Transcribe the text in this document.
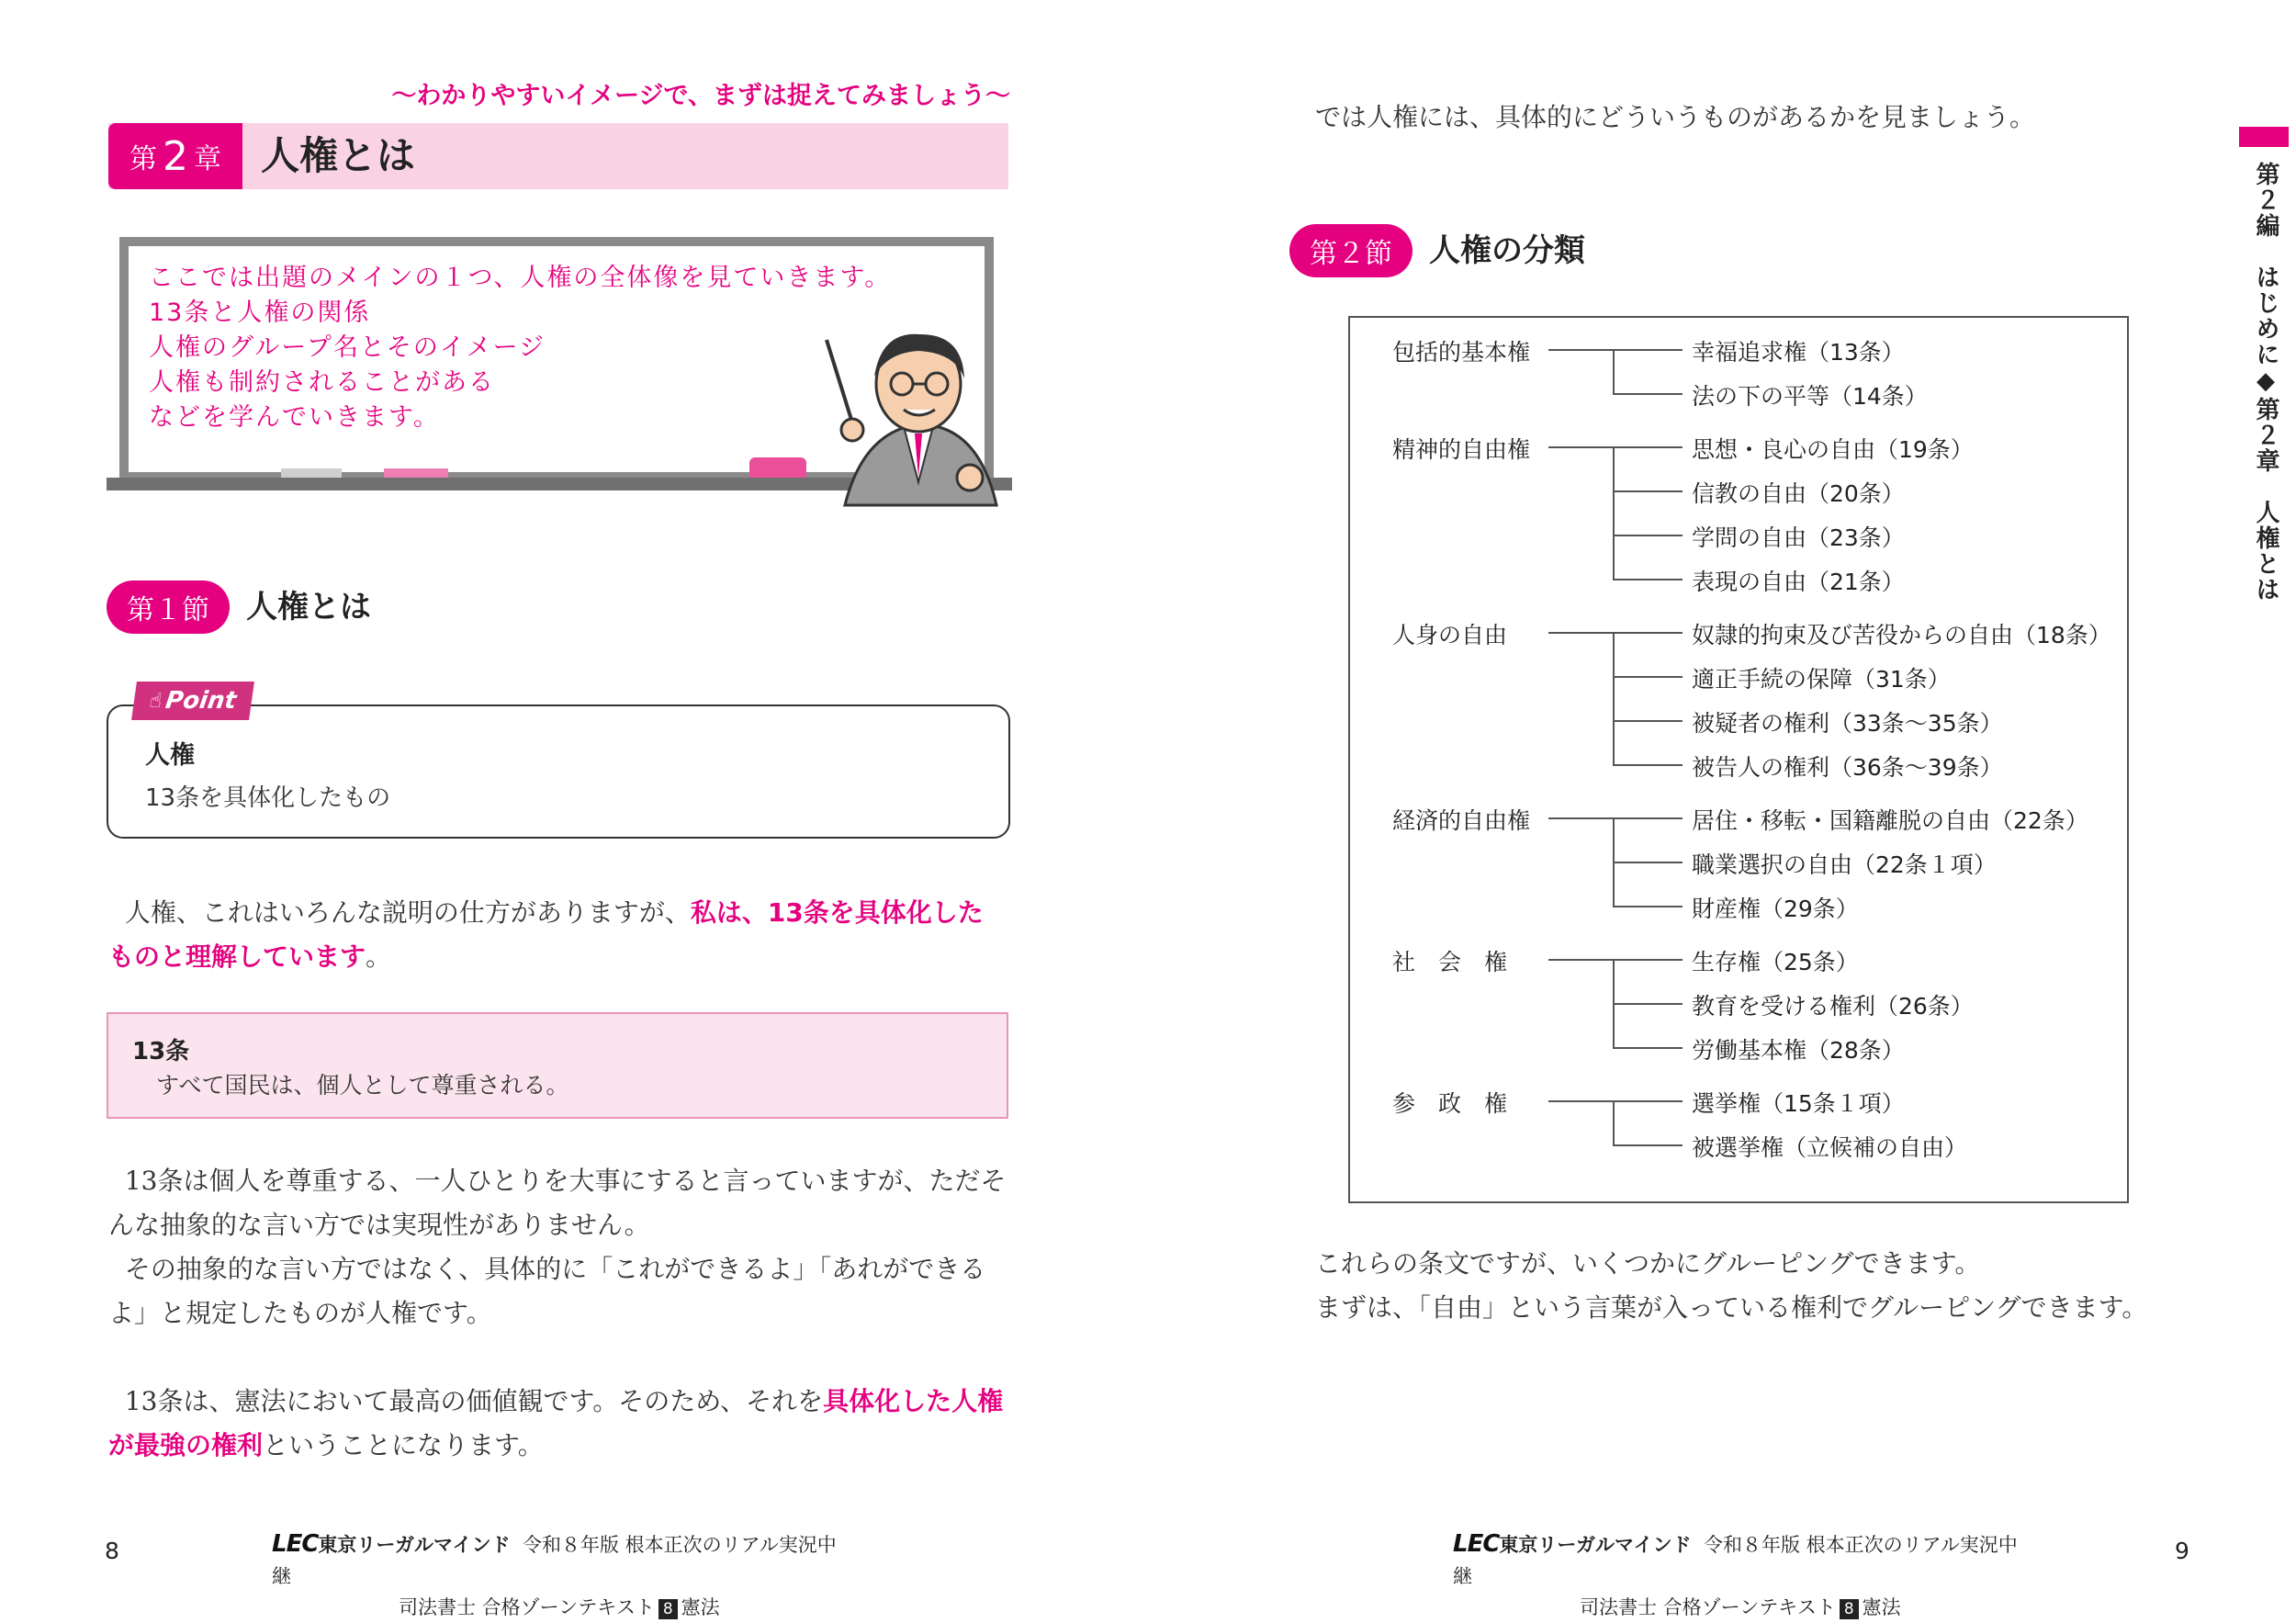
〜わかりやすいイメージで、まずは捉えてみましょう〜
第 2 章 人権とは
ここでは出題のメインの１つ、人権の全体像を見ていきます。
13条と人権の関係
人権のグループ名とそのイメージ
人権も制約されることがある
などを学んでいきます。
第１節	人権とは
☝ Point
人権
13条を具体化したもの
人権、これはいろんな説明の仕方がありますが、私は、13条を具体化したものと理解しています。
13条
すべて国民は、個人として尊重される。
13条は個人を尊重する、一人ひとりを大事にすると言っていますが、ただそんな抽象的な言い方では実現性がありません。
その抽象的な言い方ではなく、具体的に「これができるよ」「あれができるよ」と規定したものが人権です。
13条は、憲法において最高の価値観です。そのため、それを具体化した人権が最強の権利ということになります。
8	LEC東京リーガルマインド 令和８年版 根本正次のリアル実況中継
司法書士 合格ゾーンテキスト 8 憲法
では人権には、具体的にどういうものがあるかを見ましょう。
第２節	人権の分類
包括的基本権	幸福追求権（13条）
法の下の平等（14条）
精神的自由権	思想・良心の自由（19条）
信教の自由（20条）
学問の自由（23条）
表現の自由（21条）
人身の自由	奴隷的拘束及び苦役からの自由（18条）
適正手続の保障（31条）
被疑者の権利（33条〜35条）
被告人の権利（36条〜39条）
経済的自由権	居住・移転・国籍離脱の自由（22条）
職業選択の自由（22条１項）
財産権（29条）
社　会　権	生存権（25条）
教育を受ける権利（26条）
労働基本権（28条）
参　政　権	選挙権（15条１項）
被選挙権（立候補の自由）
これらの条文ですが、いくつかにグルーピングできます。
まずは、「自由」という言葉が入っている権利でグルーピングできます。
第２編　はじめに◆第２章　人権とは
LEC東京リーガルマインド 令和８年版 根本正次のリアル実況中継
司法書士 合格ゾーンテキスト 8 憲法
9
